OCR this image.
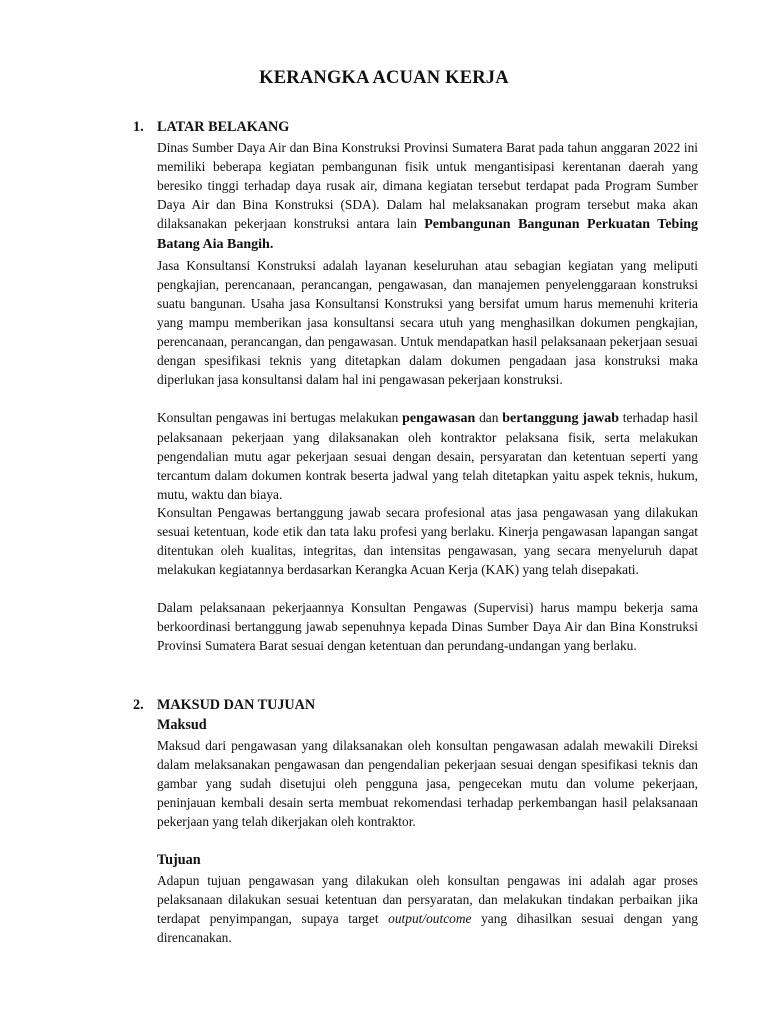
KERANGKA ACUAN KERJA
1. LATAR BELAKANG

Dinas Sumber Daya Air dan Bina Konstruksi Provinsi Sumatera Barat pada tahun anggaran 2022 ini memiliki beberapa kegiatan pembangunan fisik untuk mengantisipasi kerentanan daerah yang beresiko tinggi terhadap daya rusak air, dimana kegiatan tersebut terdapat pada Program Sumber Daya Air dan Bina Konstruksi (SDA). Dalam hal melaksanakan program tersebut maka akan dilaksanakan pekerjaan konstruksi antara lain Pembangunan Bangunan Perkuatan Tebing Batang Aia Bangih.

Jasa Konsultansi Konstruksi adalah layanan keseluruhan atau sebagian kegiatan yang meliputi pengkajian, perencanaan, perancangan, pengawasan, dan manajemen penyelenggaraan konstruksi suatu bangunan. Usaha jasa Konsultansi Konstruksi yang bersifat umum harus memenuhi kriteria yang mampu memberikan jasa konsultansi secara utuh yang menghasilkan dokumen pengkajian, perencanaan, perancangan, dan pengawasan. Untuk mendapatkan hasil pelaksanaan pekerjaan sesuai dengan spesifikasi teknis yang ditetapkan dalam dokumen pengadaan jasa konstruksi maka diperlukan jasa konsultansi dalam hal ini pengawasan pekerjaan konstruksi.

Konsultan pengawas ini bertugas melakukan pengawasan dan bertanggung jawab terhadap hasil pelaksanaan pekerjaan yang dilaksanakan oleh kontraktor pelaksana fisik, serta melakukan pengendalian mutu agar pekerjaan sesuai dengan desain, persyaratan dan ketentuan seperti yang tercantum dalam dokumen kontrak beserta jadwal yang telah ditetapkan yaitu aspek teknis, hukum, mutu, waktu dan biaya.

Konsultan Pengawas bertanggung jawab secara profesional atas jasa pengawasan yang dilakukan sesuai ketentuan, kode etik dan tata laku profesi yang berlaku. Kinerja pengawasan lapangan sangat ditentukan oleh kualitas, integritas, dan intensitas pengawasan, yang secara menyeluruh dapat melakukan kegiatannya berdasarkan Kerangka Acuan Kerja (KAK) yang telah disepakati.

Dalam pelaksanaan pekerjaannya Konsultan Pengawas (Supervisi) harus mampu bekerja sama berkoordinasi bertanggung jawab sepenuhnya kepada Dinas Sumber Daya Air dan Bina Konstruksi Provinsi Sumatera Barat sesuai dengan ketentuan dan perundang-undangan yang berlaku.

2. MAKSUD DAN TUJUAN
Maksud

Maksud dari pengawasan yang dilaksanakan oleh konsultan pengawasan adalah mewakili Direksi dalam melaksanakan pengawasan dan pengendalian pekerjaan sesuai dengan spesifikasi teknis dan gambar yang sudah disetujui oleh pengguna jasa, pengecekan mutu dan volume pekerjaan, peninjauan kembali desain serta membuat rekomendasi terhadap perkembangan hasil pelaksanaan pekerjaan yang telah dikerjakan oleh kontraktor.

Tujuan

Adapun tujuan pengawasan yang dilakukan oleh konsultan pengawas ini adalah agar proses pelaksanaan dilakukan sesuai ketentuan dan persyaratan, dan melakukan tindakan perbaikan jika terdapat penyimpangan, supaya target output/outcome yang dihasilkan sesuai dengan yang direncanakan.
